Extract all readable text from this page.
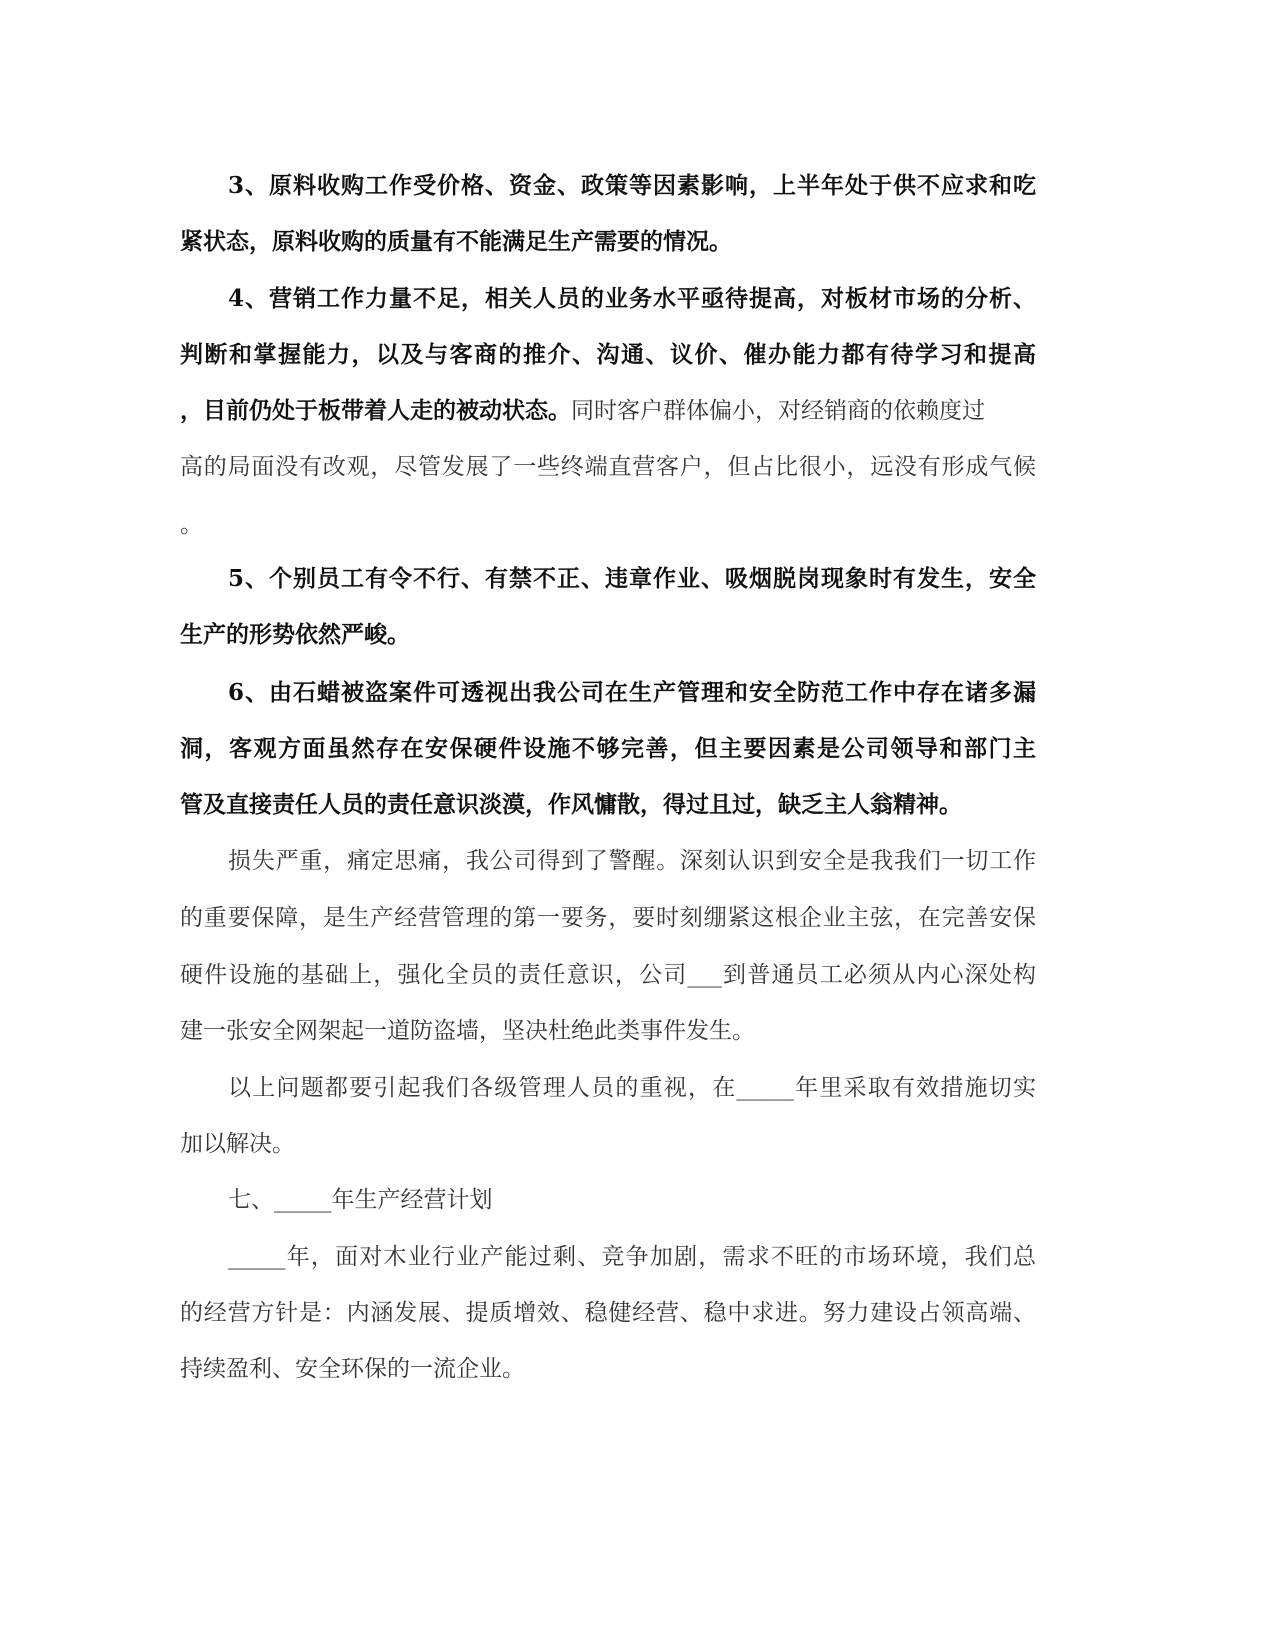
3、原料收购工作受价格、资金、政策等因素影响，上半年处于供不应求和吃
紧状态，原料收购的质量有不能满足生产需要的情况。
4、营销工作力量不足，相关人员的业务水平亟待提高，对板材市场的分析、
判断和掌握能力，以及与客商的推介、沟通、议价、催办能力都有待学习和提高
，目前仍处于板带着人走的被动状态。同时客户群体偏小，对经销商的依赖度过
高的局面没有改观，尽管发展了一些终端直营客户，但占比很小，远没有形成气候
。
5、个别员工有令不行、有禁不正、违章作业、吸烟脱岗现象时有发生，安全
生产的形势依然严峻。
6、由石蜡被盗案件可透视出我公司在生产管理和安全防范工作中存在诸多漏
洞，客观方面虽然存在安保硬件设施不够完善，但主要因素是公司领导和部门主
管及直接责任人员的责任意识淡漠，作风慵散，得过且过，缺乏主人翁精神。
损失严重，痛定思痛，我公司得到了警醒。深刻认识到安全是我我们一切工作
的重要保障，是生产经营管理的第一要务，要时刻绷紧这根企业主弦，在完善安保
硬件设施的基础上，强化全员的责任意识，公司___到普通员工必须从内心深处构
建一张安全网架起一道防盗墙，坚决杜绝此类事件发生。
以上问题都要引起我们各级管理人员的重视，在_____年里采取有效措施切实
加以解决。
七、_____年生产经营计划
_____年，面对木业行业产能过剩、竞争加剧，需求不旺的市场环境，我们总
的经营方针是：内涵发展、提质增效、稳健经营、稳中求进。努力建设占领高端、
持续盈利、安全环保的一流企业。
